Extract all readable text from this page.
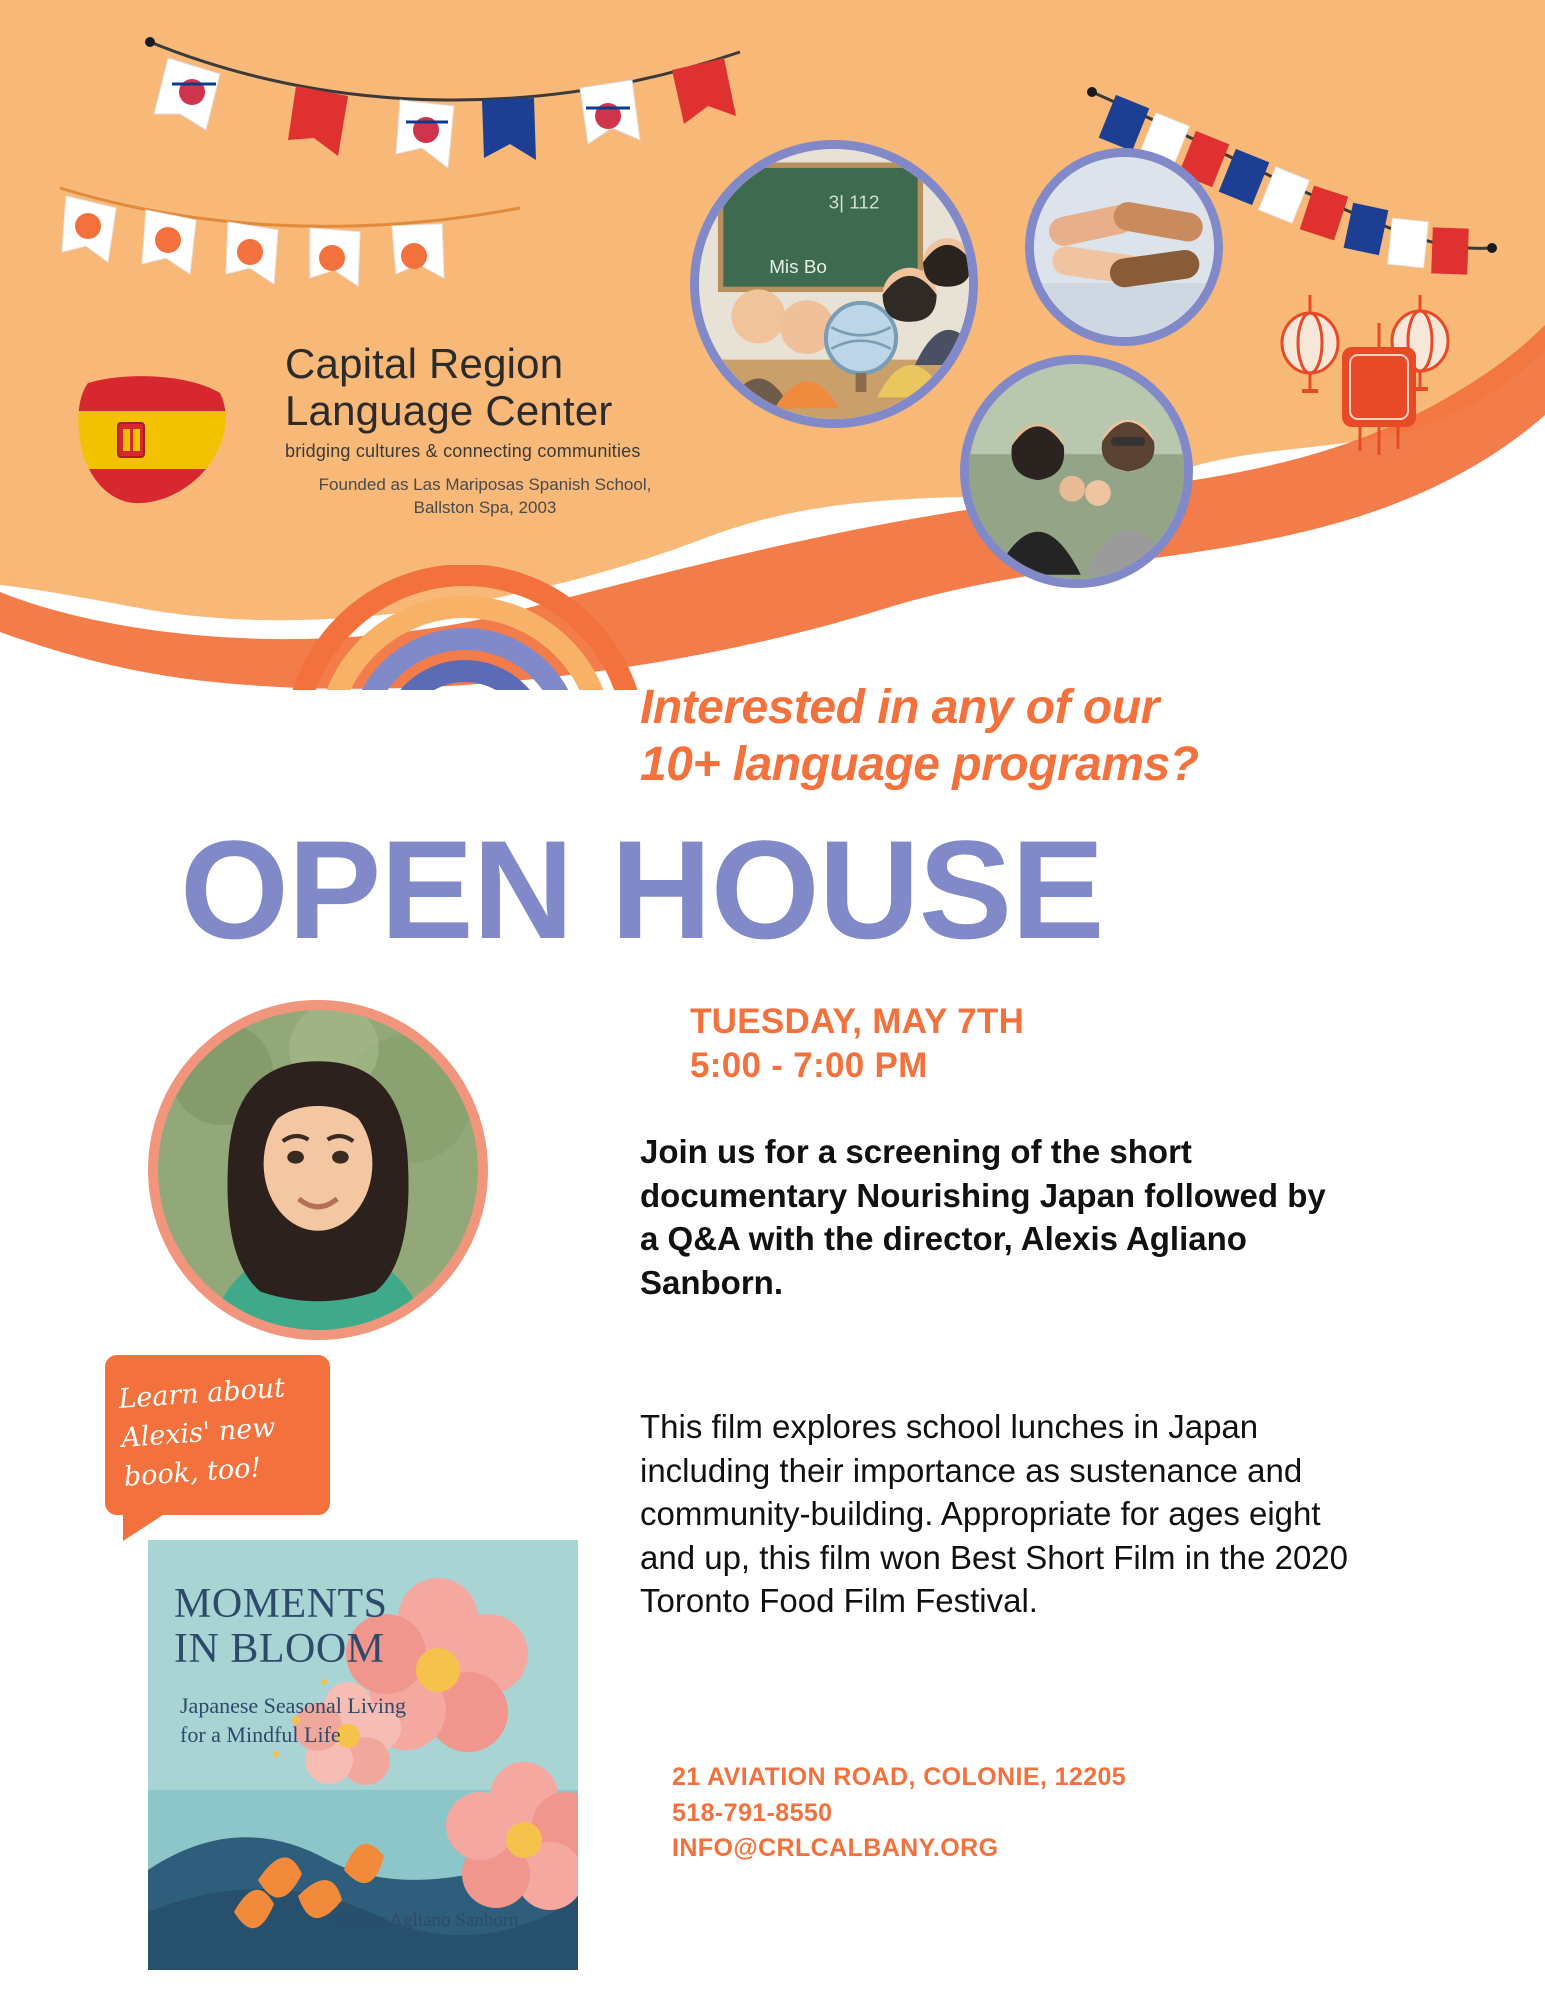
3| 112
Mis Bo
Capital Region
Language Center
bridging cultures & connecting communities
Founded as Las Mariposas Spanish School,
Ballston Spa, 2003
Interested in any of our
10+ language programs?
OPEN HOUSE
TUESDAY, MAY 7TH
5:00 - 7:00 PM
Join us for a screening of the short documentary Nourishing Japan followed by a Q&A with the director, Alexis Agliano Sanborn.
This film explores school lunches in Japan including their importance as sustenance and community-building. Appropriate for ages eight and up, this film won Best Short Film in the 2020 Toronto Food Film Festival.
21 AVIATION ROAD, COLONIE, 12205
518-791-8550
INFO@CRLCALBANY.ORG
Learn about
Alexis' new
book, too!
MOMENTS
IN BLOOM
Japanese Seasonal Living
for a Mindful Life
Alexis Agliano Sanborn
